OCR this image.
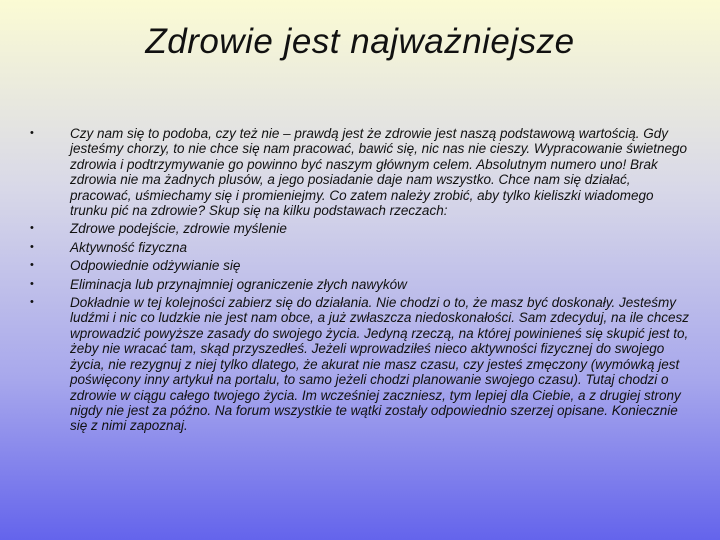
Zdrowie jest najważniejsze
•	Czy nam się to podoba, czy też nie – prawdą jest że zdrowie jest naszą podstawową wartością. Gdy jesteśmy chorzy, to nie chce się nam pracować, bawić się, nic nas nie cieszy. Wypracowanie świetnego zdrowia i podtrzymywanie go powinno być naszym głównym celem. Absolutnym numero uno! Brak zdrowia nie ma żadnych plusów, a jego posiadanie daje nam wszystko. Chce nam się działać, pracować, uśmiechamy się i promieniejmy. Co zatem należy zrobić, aby tylko kieliszki wiadomego trunku pić na zdrowie? Skup się na kilku podstawach rzeczach:
•	Zdrowe podejście, zdrowie myślenie
•	Aktywność fizyczna
•	Odpowiednie odżywianie się
•	Eliminacja lub przynajmniej ograniczenie złych nawyków
•	Dokładnie w tej kolejności zabierz się do działania. Nie chodzi o to, że masz być doskonały. Jesteśmy ludźmi i nic co ludzkie nie jest nam obce, a już zwłaszcza niedoskonałości. Sam zdecyduj, na ile chcesz wprowadzić powyższe zasady do swojego życia. Jedyną rzeczą, na której powinieneś się skupić jest to, żeby nie wracać tam, skąd przyszedłeś. Jeżeli wprowadziłeś nieco aktywności fizycznej do swojego życia, nie rezygnuj z niej tylko dlatego, że akurat nie masz czasu, czy jesteś zmęczony (wymówką jest poświęcony inny artykuł na portalu, to samo jeżeli chodzi planowanie swojego czasu). Tutaj chodzi o zdrowie w ciągu całego twojego życia. Im wcześniej zaczniesz, tym lepiej dla Ciebie, a z drugiej strony nigdy nie jest za późno. Na forum wszystkie te wątki zostały odpowiednio szerzej opisane. Koniecznie się z nimi zapoznaj.
